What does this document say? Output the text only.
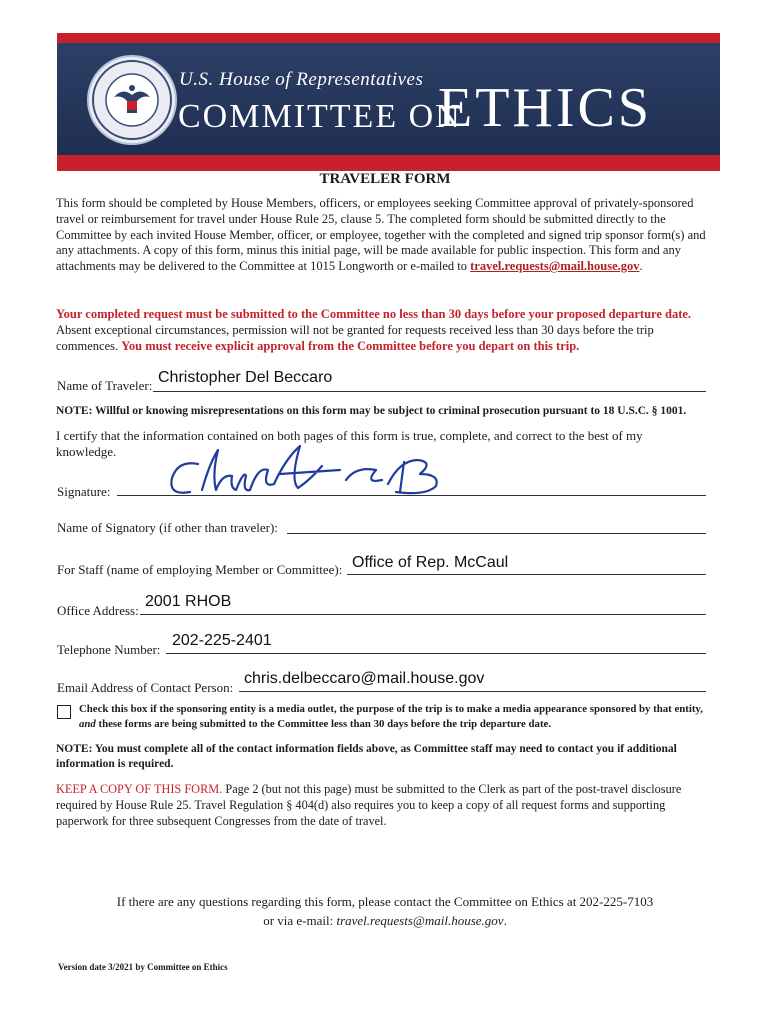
U.S. House of Representatives
COMMITTEE ON
ETHICS
TRAVELER FORM
This form should be completed by House Members, officers, or employees seeking Committee approval of privately-sponsored travel or reimbursement for travel under House Rule 25, clause 5. The completed form should be submitted directly to the Committee by each invited House Member, officer, or employee, together with the completed and signed trip sponsor form(s) and any attachments. A copy of this form, minus this initial page, will be made available for public inspection. This form and any attachments may be delivered to the Committee at 1015 Longworth or e-mailed to travel.requests@mail.house.gov.
Your completed request must be submitted to the Committee no less than 30 days before your proposed departure date. Absent exceptional circumstances, permission will not be granted for requests received less than 30 days before the trip commences. You must receive explicit approval from the Committee before you depart on this trip.
Name of Traveler: Christopher Del Beccaro
NOTE: Willful or knowing misrepresentations on this form may be subject to criminal prosecution pursuant to 18 U.S.C. § 1001.
I certify that the information contained on both pages of this form is true, complete, and correct to the best of my knowledge.
Signature:
Name of Signatory (if other than traveler):
For Staff (name of employing Member or Committee): Office of Rep. McCaul
Office Address:
2001 RHOB
Telephone Number:
202-225-2401
Email Address of Contact Person:
chris.delbeccaro@mail.house.gov
Check this box if the sponsoring entity is a media outlet, the purpose of the trip is to make a media appearance sponsored by that entity, and these forms are being submitted to the Committee less than 30 days before the trip departure date.
NOTE: You must complete all of the contact information fields above, as Committee staff may need to contact you if additional information is required.
KEEP A COPY OF THIS FORM. Page 2 (but not this page) must be submitted to the Clerk as part of the post-travel disclosure required by House Rule 25. Travel Regulation § 404(d) also requires you to keep a copy of all request forms and supporting paperwork for three subsequent Congresses from the date of travel.
If there are any questions regarding this form, please contact the Committee on Ethics at 202-225-7103
or via e-mail: travel.requests@mail.house.gov.
Version date 3/2021 by Committee on Ethics
